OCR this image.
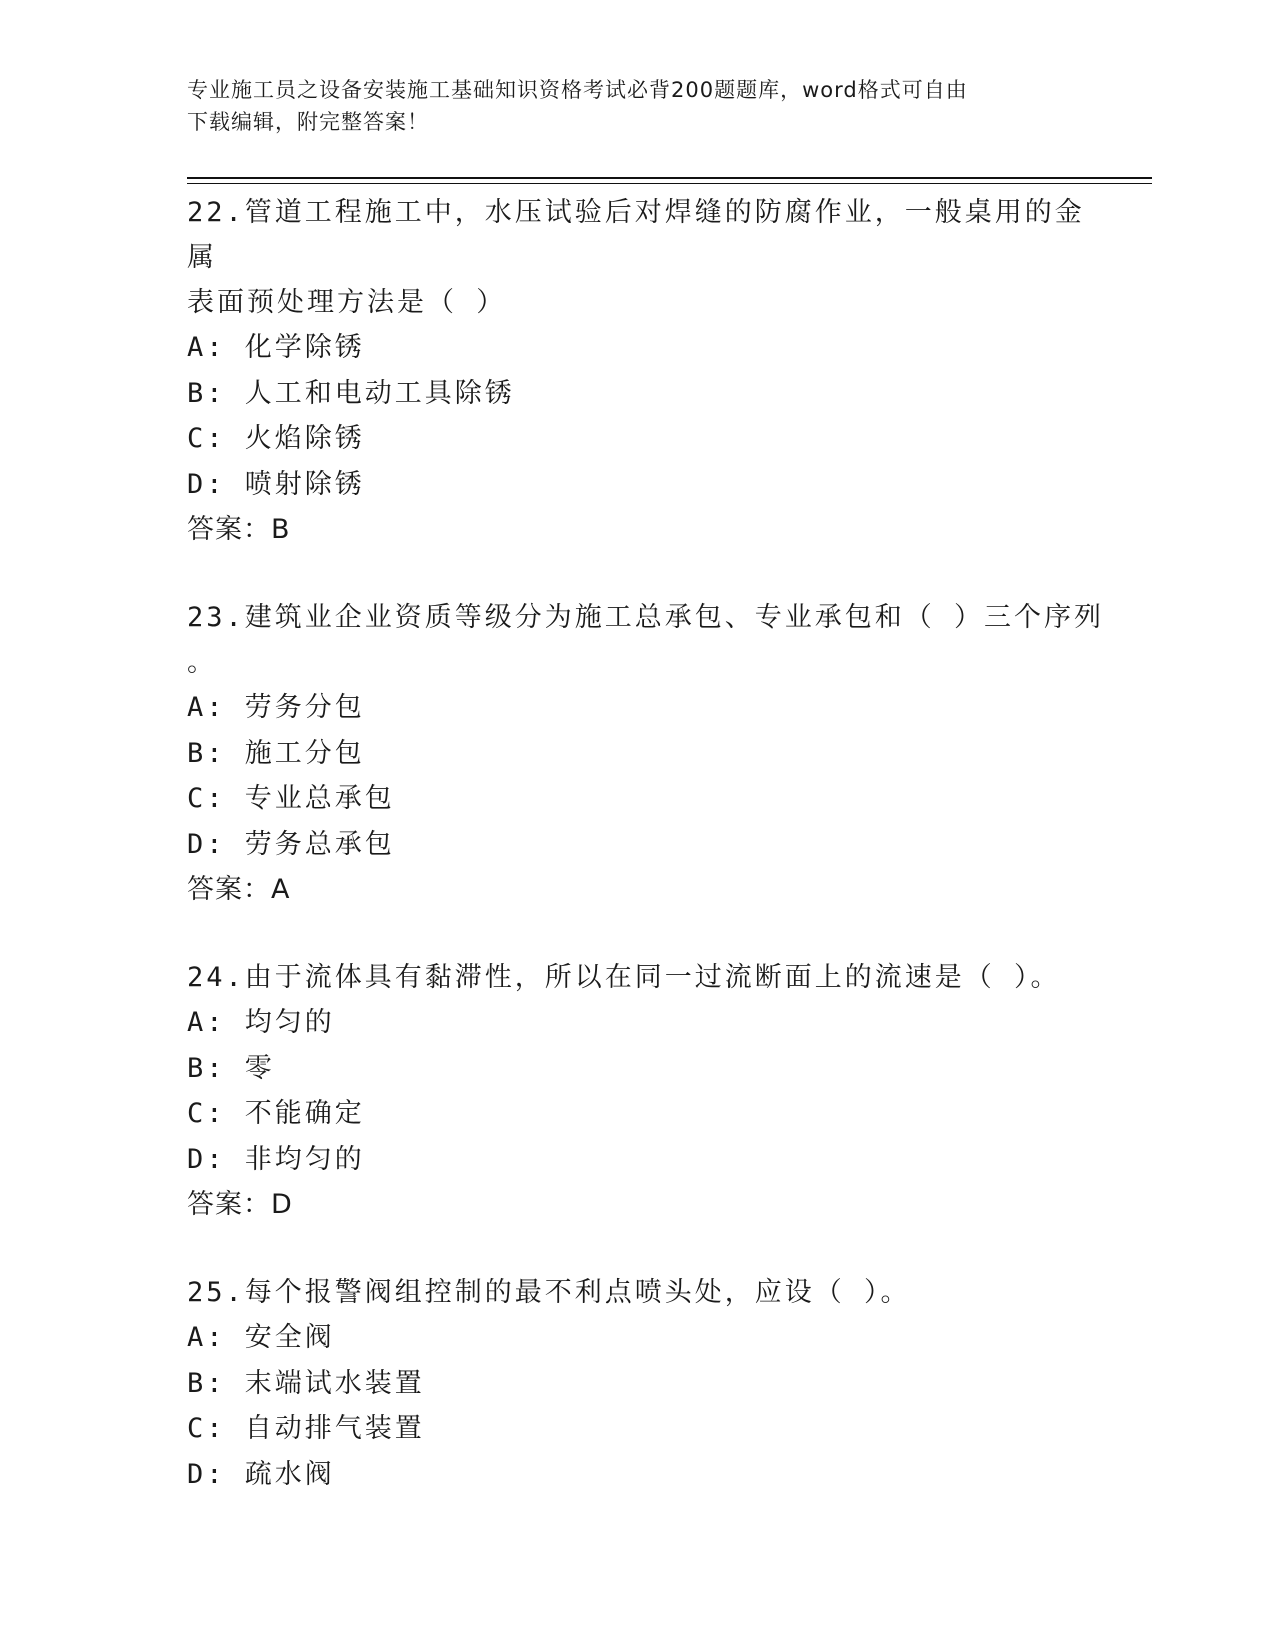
专业施工员之设备安装施工基础知识资格考试必背200题题库，word格式可自由
下载编辑，附完整答案！
22.管道工程施工中，水压试验后对焊缝的防腐作业，一般桌用的金属
表面预处理方法是（ ）
A: 化学除锈
B: 人工和电动工具除锈
C: 火焰除锈
D: 喷射除锈
答案：B
23.建筑业企业资质等级分为施工总承包、专业承包和（ ）三个序列
。
A: 劳务分包
B: 施工分包
C: 专业总承包
D: 劳务总承包
答案：A
24.由于流体具有黏滞性，所以在同一过流断面上的流速是（ ）。
A: 均匀的
B: 零
C: 不能确定
D: 非均匀的
答案：D
25.每个报警阀组控制的最不利点喷头处，应设（ ）。
A: 安全阀
B: 末端试水装置
C: 自动排气装置
D: 疏水阀
